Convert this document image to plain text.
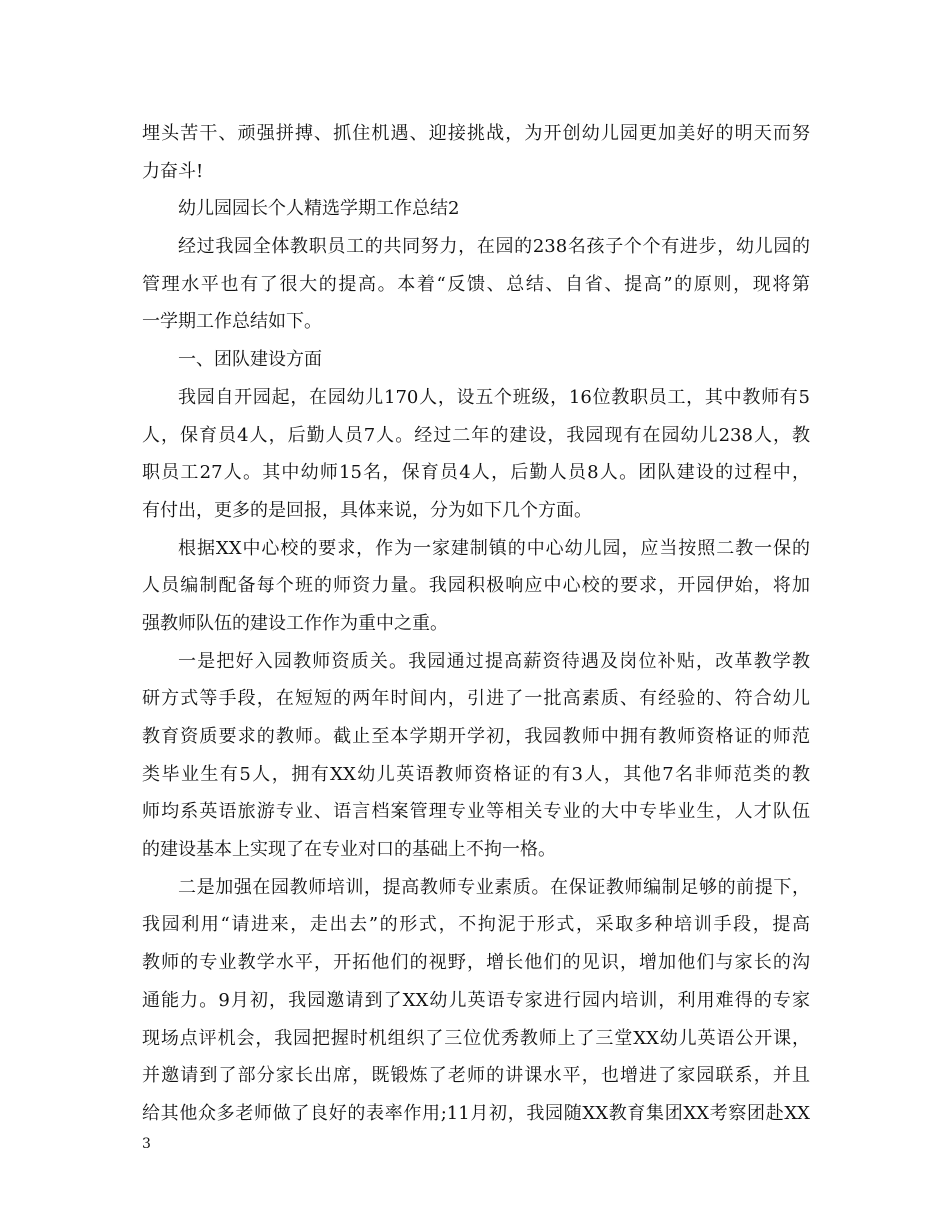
埋头苦干、顽强拼搏、抓住机遇、迎接挑战，为开创幼儿园更加美好的明天而努
力奋斗!
幼儿园园长个人精选学期工作总结2
经过我园全体教职员工的共同努力，在园的238名孩子个个有进步，幼儿园的
管理水平也有了很大的提高。本着“反馈、总结、自省、提高”的原则，现将第
一学期工作总结如下。
一、团队建设方面
我园自开园起，在园幼儿170人，设五个班级，16位教职员工，其中教师有5
人，保育员4人，后勤人员7人。经过二年的建设，我园现有在园幼儿238人，教
职员工27人。其中幼师15名，保育员4人，后勤人员8人。团队建设的过程中，
有付出，更多的是回报，具体来说，分为如下几个方面。
根据XX中心校的要求，作为一家建制镇的中心幼儿园，应当按照二教一保的
人员编制配备每个班的师资力量。我园积极响应中心校的要求，开园伊始，将加
强教师队伍的建设工作作为重中之重。
一是把好入园教师资质关。我园通过提高薪资待遇及岗位补贴，改革教学教
研方式等手段，在短短的两年时间内，引进了一批高素质、有经验的、符合幼儿
教育资质要求的教师。截止至本学期开学初，我园教师中拥有教师资格证的师范
类毕业生有5人，拥有XX幼儿英语教师资格证的有3人，其他7名非师范类的教
师均系英语旅游专业、语言档案管理专业等相关专业的大中专毕业生，人才队伍
的建设基本上实现了在专业对口的基础上不拘一格。
二是加强在园教师培训，提高教师专业素质。在保证教师编制足够的前提下，
我园利用“请进来，走出去”的形式，不拘泥于形式，采取多种培训手段，提高
教师的专业教学水平，开拓他们的视野，增长他们的见识，增加他们与家长的沟
通能力。9月初，我园邀请到了XX幼儿英语专家进行园内培训，利用难得的专家
现场点评机会，我园把握时机组织了三位优秀教师上了三堂XX幼儿英语公开课，
并邀请到了部分家长出席，既锻炼了老师的讲课水平，也增进了家园联系，并且
给其他众多老师做了良好的表率作用;11月初，我园随XX教育集团XX考察团赴XX
3
